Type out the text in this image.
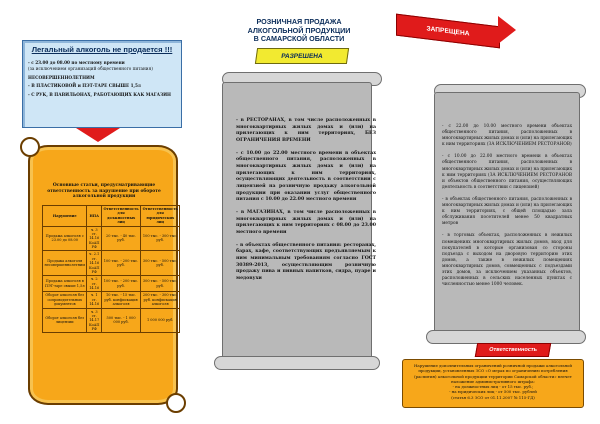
Легальный алкоголь не продается !!!
- с 23.00 до 08.00 по местному времени
(за исключением организаций общественного питания)
НЕСОВЕРШЕННОЛЕТНИМ
- В ПЛАСТИКОВОЙ и ПЭТ-ТАРЕ СВЫШЕ 1,5л
- С РУК, В ПАВИЛЬОНАХ, РАБОТАЮЩИХ КАК МАГАЗИН
Основные статьи, предусматривающие ответственность за нарушение при обороте алкогольной продукции
Нарушение	НПА	Ответственность для должностных лиц	Ответственность для юридических лиц
Продажа алкоголя с 23.00 до 08.00	ч. 3 ст. 14.16 КоАП РФ	20 тыс. - 40 тыс. руб.	100 тыс. - 300 тыс. руб.
Продажа алкоголя несовершеннолетним	ч. 2.1 ст. 14.16 КоАП РФ	100 тыс. - 200 тыс. руб.	300 тыс. - 500 тыс. руб.
Продажа алкоголя в ПЭТ-таре свыше 1,5л	ч. 2 ст. 14.16	100 тыс. - 200 тыс. руб.	300 тыс. - 500 тыс. руб.
Оборот алкоголя без сопроводительных документов	ч. 1 ст. 14.16	10 тыс. - 15 тыс. руб. конфискация алкоголя	200 тыс. - 300 тыс. руб. конфискация алкоголя
Оборот алкоголя без лицензии	ч. 3 ст. 14.17 КоАП РФ	500 тыс. - 1 000 000 руб.	1 000 000 руб.
РОЗНИЧНАЯ ПРОДАЖА
АЛКОГОЛЬНОЙ ПРОДУКЦИИ
В САМАРСКОЙ ОБЛАСТИ
РАЗРЕШЕНА

- в РЕСТОРАНАХ, в том числе расположенных в многоквартирных жилых домах и (или) на прилегающих к ним территориях, БЕЗ ОГРАНИЧЕНИЯ ВРЕМЕНИ

- с 10.00 до 22.00 местного времени в объектах общественного питания, расположенных в многоквартирных жилых домах и (или) на прилегающих к ним территориях, осуществляющих деятельность в соответствии с лицензией на розничную продажу алкогольной продукции при оказании услуг общественного питания с 10.00 до 22.00 местного времени

- в МАГАЗИНАХ, в том числе расположенных в многоквартирных жилых домах и (или) на прилегающих к ним территориях с 08.00 до 23.00 местного времени

- в объектах общественного питания: ресторанах, барах, кафе, соответствующих предъявляемым к ним минимальным требованиям согласно ГОСТ 30389-2013, осуществляющим розничную продажу пива и пивных напитков, сидра, пуаре и медовухи

ЗАПРЕЩЕНА

- с 22.00 до 10.00 местного времени объектах общественного питания, расположенных в многоквартирных жилых домах и (или) на прилегающих к ним территориях (ЗА ИСКЛЮЧЕНИЕМ РЕСТОРАНОВ)

- с 10.00 до 22.00 местного времени в объектах общественного питания, расположенных в многоквартирных жилых домах и (или) на прилегающих к ним территориях (ЗА ИСКЛЮЧЕНИЕМ РЕСТОРАНОВ и объектов общественного питания, осуществляющих деятельность в соответствии с лицензией)

- в объектах общественного питания, расположенных в многоквартирных жилых домах и (или) на прилегающих к ним территориях, с общей площадью зала обслуживания посетителей менее 50 квадратных метров

- в торговых объектах, расположенных в нежилых помещениях многоквартирных жилых домов, вход для покупателей в которые организован со стороны подъезда с выходом на дворовую территорию этих домов, а также в нежилых помещениях многоквартирных домов, совмещенных с подъездами этих домов, за исключением указанных объектов, расположенных в сельских населенных пунктах с численностью менее 1000 человек.

Ответственность
Нарушение дополнительных ограничений розничной продажи алкогольной продукции, установленных ЗСО «О мерах по ограничению потребления (распития) алкогольной продукции территории Самарской области» влечет наложение административного штрафа:
- на должностных лиц - от 15 тыс. руб.;
- на юридических лиц - от 500 тыс. рублей
(статья 6.3 ЗСО от 01.11.2007 № 115-ГД)
